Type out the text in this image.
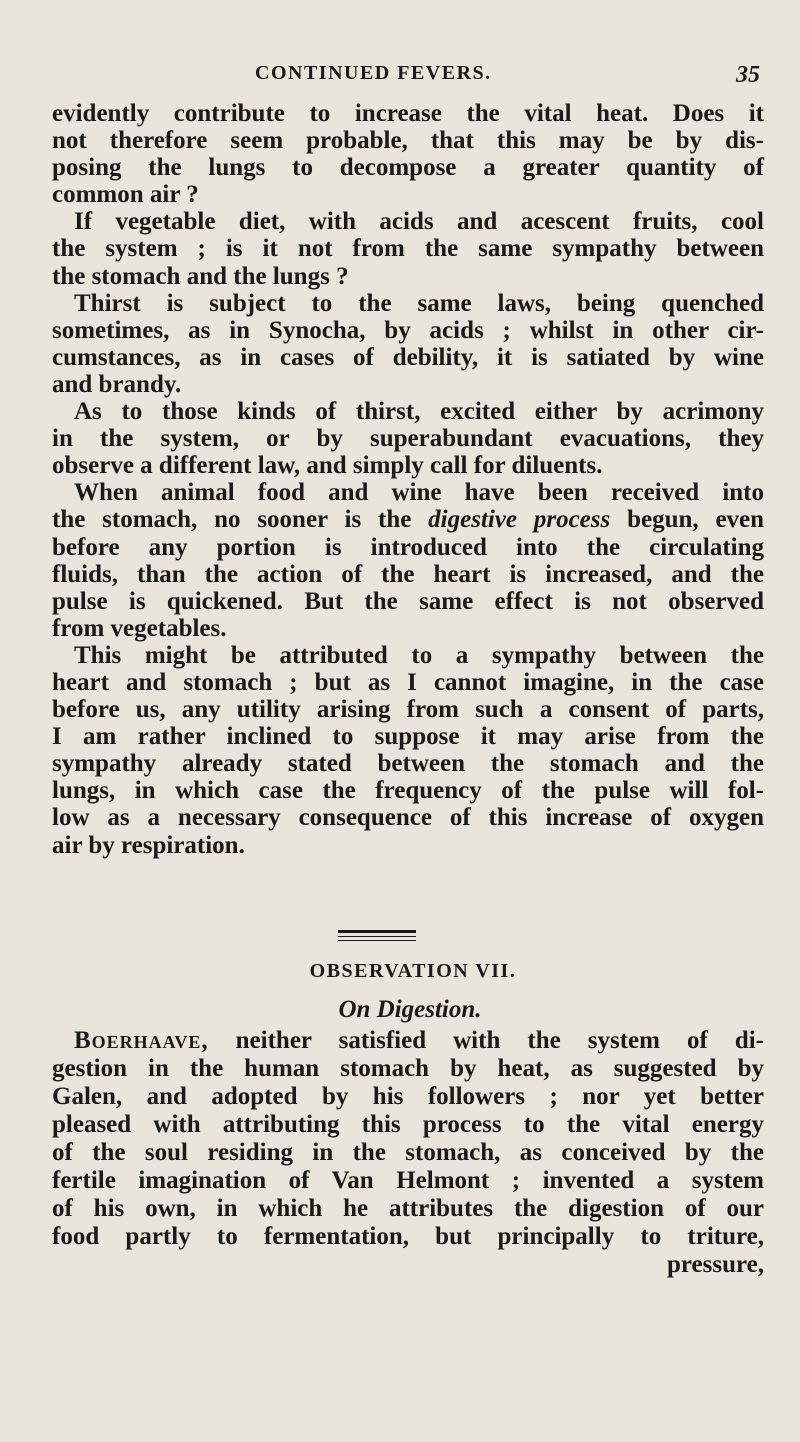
CONTINUED FEVERS.	35
evidently contribute to increase the vital heat. Does it
not therefore seem probable, that this may be by dis-
posing the lungs to decompose a greater quantity of
common air ?
If vegetable diet, with acids and acescent fruits, cool
the system ; is it not from the same sympathy between
the stomach and the lungs ?
Thirst is subject to the same laws, being quenched
sometimes, as in Synocha, by acids ; whilst in other cir-
cumstances, as in cases of debility, it is satiated by wine
and brandy.
As to those kinds of thirst, excited either by acrimony
in the system, or by superabundant evacuations, they
observe a different law, and simply call for diluents.
When animal food and wine have been received into
the stomach, no sooner is the digestive process begun, even
before any portion is introduced into the circulating
fluids, than the action of the heart is increased, and the
pulse is quickened. But the same effect is not observed
from vegetables.
This might be attributed to a sympathy between the
heart and stomach ; but as I cannot imagine, in the case
before us, any utility arising from such a consent of parts,
I am rather inclined to suppose it may arise from the
sympathy already stated between the stomach and the
lungs, in which case the frequency of the pulse will fol-
low as a necessary consequence of this increase of oxygen
air by respiration.
OBSERVATION VII.
On Digestion.
Boerhaave, neither satisfied with the system of di-
gestion in the human stomach by heat, as suggested by
Galen, and adopted by his followers ; nor yet better
pleased with attributing this process to the vital energy
of the soul residing in the stomach, as conceived by the
fertile imagination of Van Helmont ; invented a system
of his own, in which he attributes the digestion of our
food partly to fermentation, but principally to triture,
pressure,
